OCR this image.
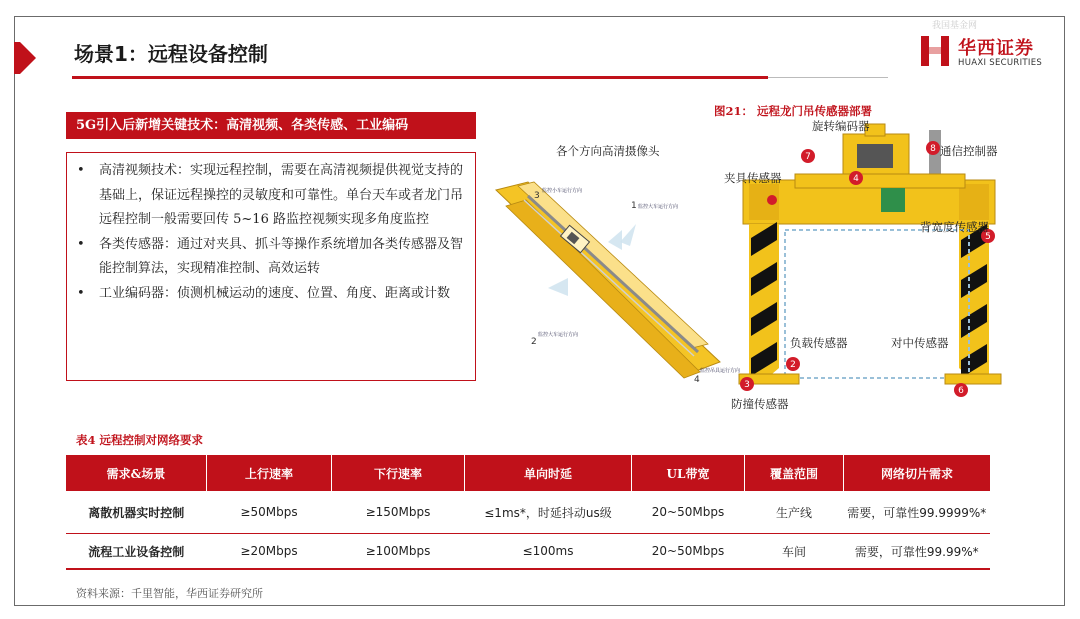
场景1：远程设备控制
我国基金网
华西证券
HUAXI SECURITIES
5G引入后新增关键技术：高清视频、各类传感、工业编码
•	高清视频技术：实现远程控制，需要在高清视频提供视觉支持的基础上，保证远程操控的灵敏度和可靠性。单台天车或者龙门吊远程控制一般需要回传 5~16 路监控视频实现多角度监控
•	各类传感器：通过对夹具、抓斗等操作系统增加各类传感器及智能控制算法，实现精准控制、高效运转
•	工业编码器：侦测机械运动的速度、位置、角度、距离或计数
各个方向高清摄像头
1 监控大车运行方向
2
监控大车运行方向
3 监控小车运行方向
4
监控吊具运行方向
图21： 远程龙门吊传感器部署
7
4
8
5
2
3
6
旋转编码器
通信控制器
夹具传感器
背宽度传感器
负载传感器	对中传感器
防撞传感器
表4 远程控制对网络要求
需求&场景	上行速率	下行速率	单向时延	UL带宽	覆盖范围	网络切片需求
离散机器实时控制	≥50Mbps	≥150Mbps	≤1ms*，时延抖动us级	20~50Mbps	生产线	需要，可靠性99.9999%*
流程工业设备控制	≥20Mbps	≥100Mbps	≤100ms	20~50Mbps	车间	需要，可靠性99.99%*
资料来源：千里智能，华西证券研究所
